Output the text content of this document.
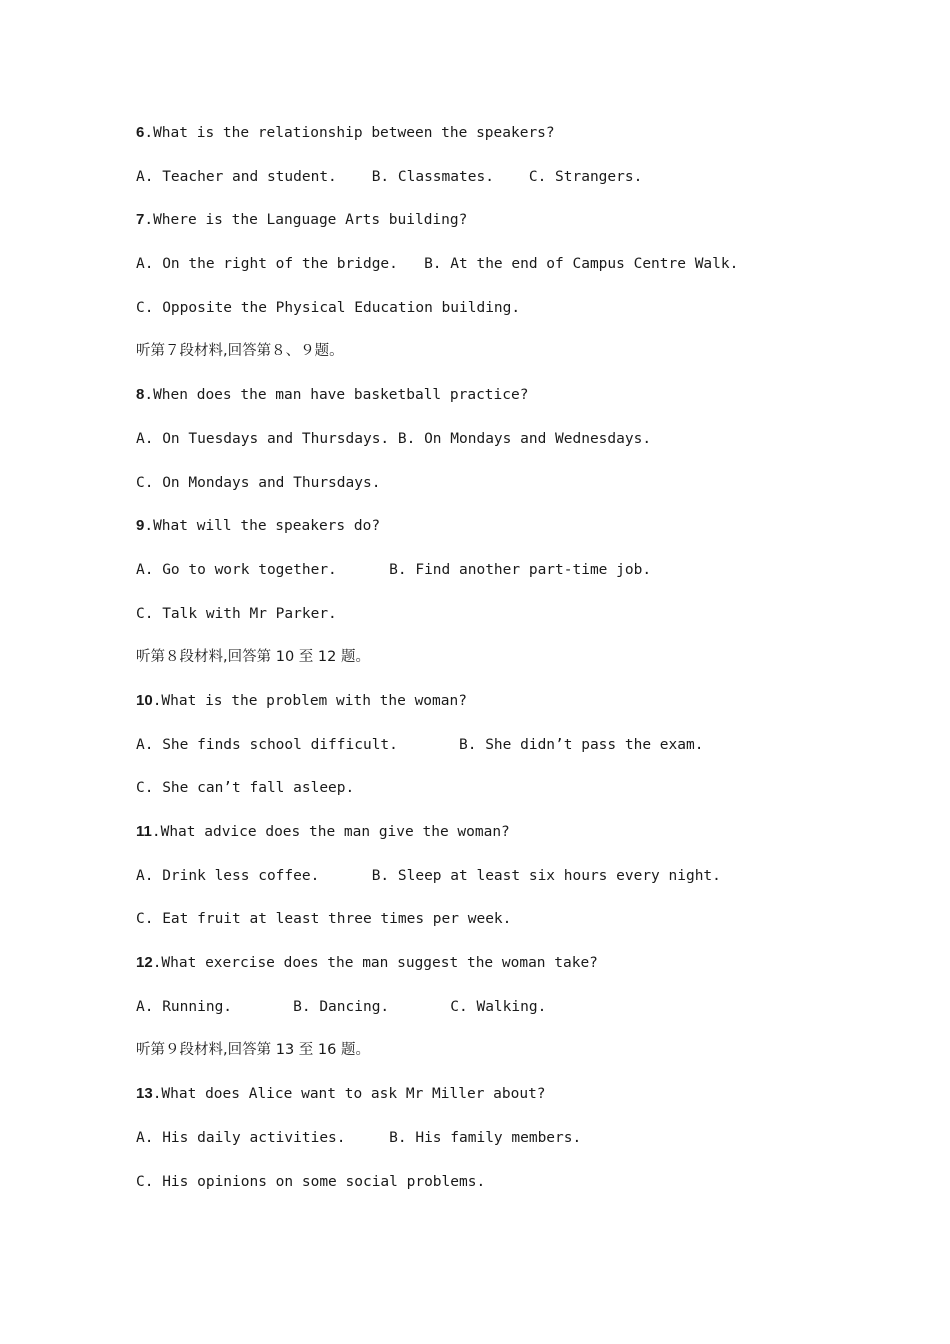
6.What is the relationship between the speakers?
A. Teacher and student.    B. Classmates.    C. Strangers.
7.Where is the Language Arts building?
A. On the right of the bridge.   B. At the end of Campus Centre Walk.
C. Opposite the Physical Education building.
听第７段材料,回答第８、９题。
8.When does the man have basketball practice?
A. On Tuesdays and Thursdays. B. On Mondays and Wednesdays.
C. On Mondays and Thursdays.
9.What will the speakers do?
A. Go to work together.      B. Find another part-time job.
C. Talk with Mr Parker.
听第８段材料,回答第 10 至 12 题。
10.What is the problem with the woman?
A. She finds school difficult.       B. She didn’t pass the exam.
C. She can’t fall asleep.
11.What advice does the man give the woman?
A. Drink less coffee.      B. Sleep at least six hours every night.
C. Eat fruit at least three times per week.
12.What exercise does the man suggest the woman take?
A. Running.       B. Dancing.       C. Walking.
听第９段材料,回答第 13 至 16 题。
13.What does Alice want to ask Mr Miller about?
A. His daily activities.     B. His family members.
C. His opinions on some social problems.
